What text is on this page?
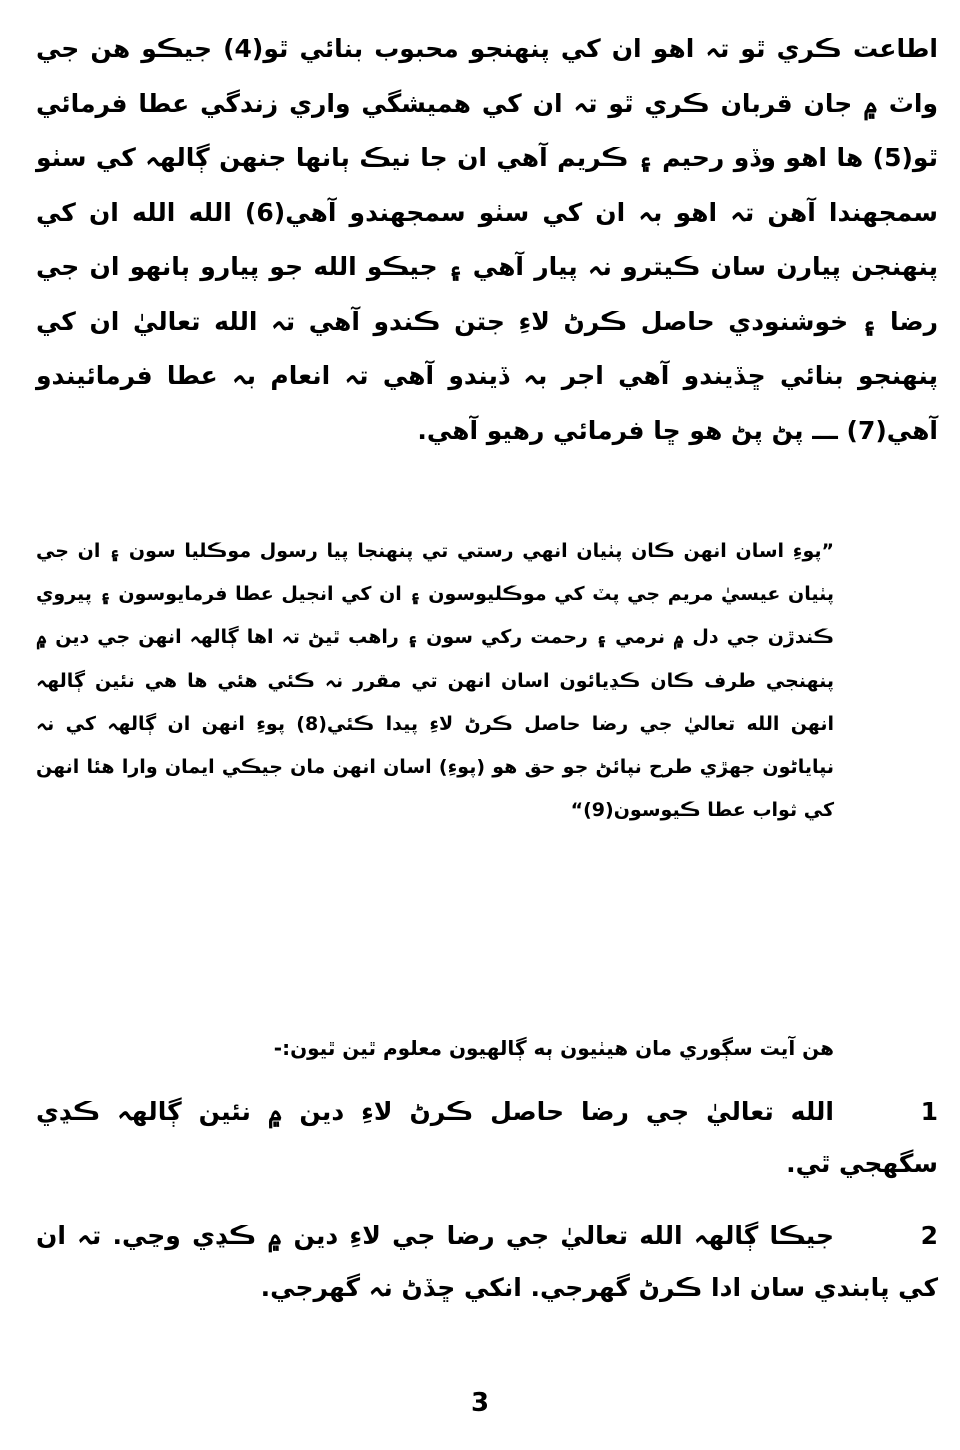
اطاعت ڪري ٿو تہ اهو ان کي پنهنجو محبوب بنائي ٿو(4) جيڪو هن جي واٽ ۾ جان قربان ڪري ٿو تہ ان کي هميشگي واري زندگي عطا فرمائي ٿو(5) ها اهو وڏو رحيم ۽ ڪريم آهي ان جا نيڪ ٻانها جنهن ڳالهہ کي سٺو سمجهندا آهن تہ اهو بہ ان کي سٺو سمجهندو آهي(6) الله الله ان کي پنهنجن پيارن سان ڪيترو نہ پيار آهي ۽ جيڪو الله جو پيارو ٻانهو ان جي رضا ۽ خوشنودي حاصل ڪرڻ لاءِ جتن ڪندو آهي تہ الله تعاليٰ ان کي پنهنجو بنائي ڇڏيندو آهي اجر بہ ڏيندو آهي تہ انعام بہ عطا فرمائيندو آهي(7) ـــ پڻ پڻ هو ڇا فرمائي رهيو آهي.

”پوءِ اسان انهن ڪان پٺيان انهي رستي تي پنهنجا پيا رسول موڪليا سون ۽ ان جي پٺيان عيسيٰ مريم جي پٽ کي موڪليوسون ۽ ان کي انجيل عطا فرمايوسون ۽ پيروي ڪندڙن جي دل ۾ نرمي ۽ رحمت رکي سون ۽ راهب ٿيڻ تہ اها ڳالهہ انهن جي دين ۾ پنهنجي طرف ڪان ڪڍيائون اسان انهن تي مقرر نہ ڪئي هئي ها هي نئين ڳالهہ انهن الله تعاليٰ جي رضا حاصل ڪرڻ لاءِ پيدا ڪئي(8) پوءِ انهن ان ڳالهہ کي نہ نپاياڻون جهڙي طرح نپائڻ جو حق هو (پوءِ) اسان انهن مان جيڪي ايمان وارا هئا انهن کي ثواب عطا ڪيوسون(9)“

هن آيت سڳوري مان هيٺيون ٻه ڳالهيون معلوم ٿين ٿيون:-
1
الله تعاليٰ جي رضا حاصل ڪرڻ لاءِ دين ۾ نئين ڳالهہ ڪڍي سگهجي ٿي.
2
جيڪا ڳالهہ الله تعاليٰ جي رضا جي لاءِ دين ۾ ڪڍي وڃي. تہ ان کي پابندي سان ادا ڪرڻ گهرجي. انکي ڇڏڻ نہ گهرجي.
3
